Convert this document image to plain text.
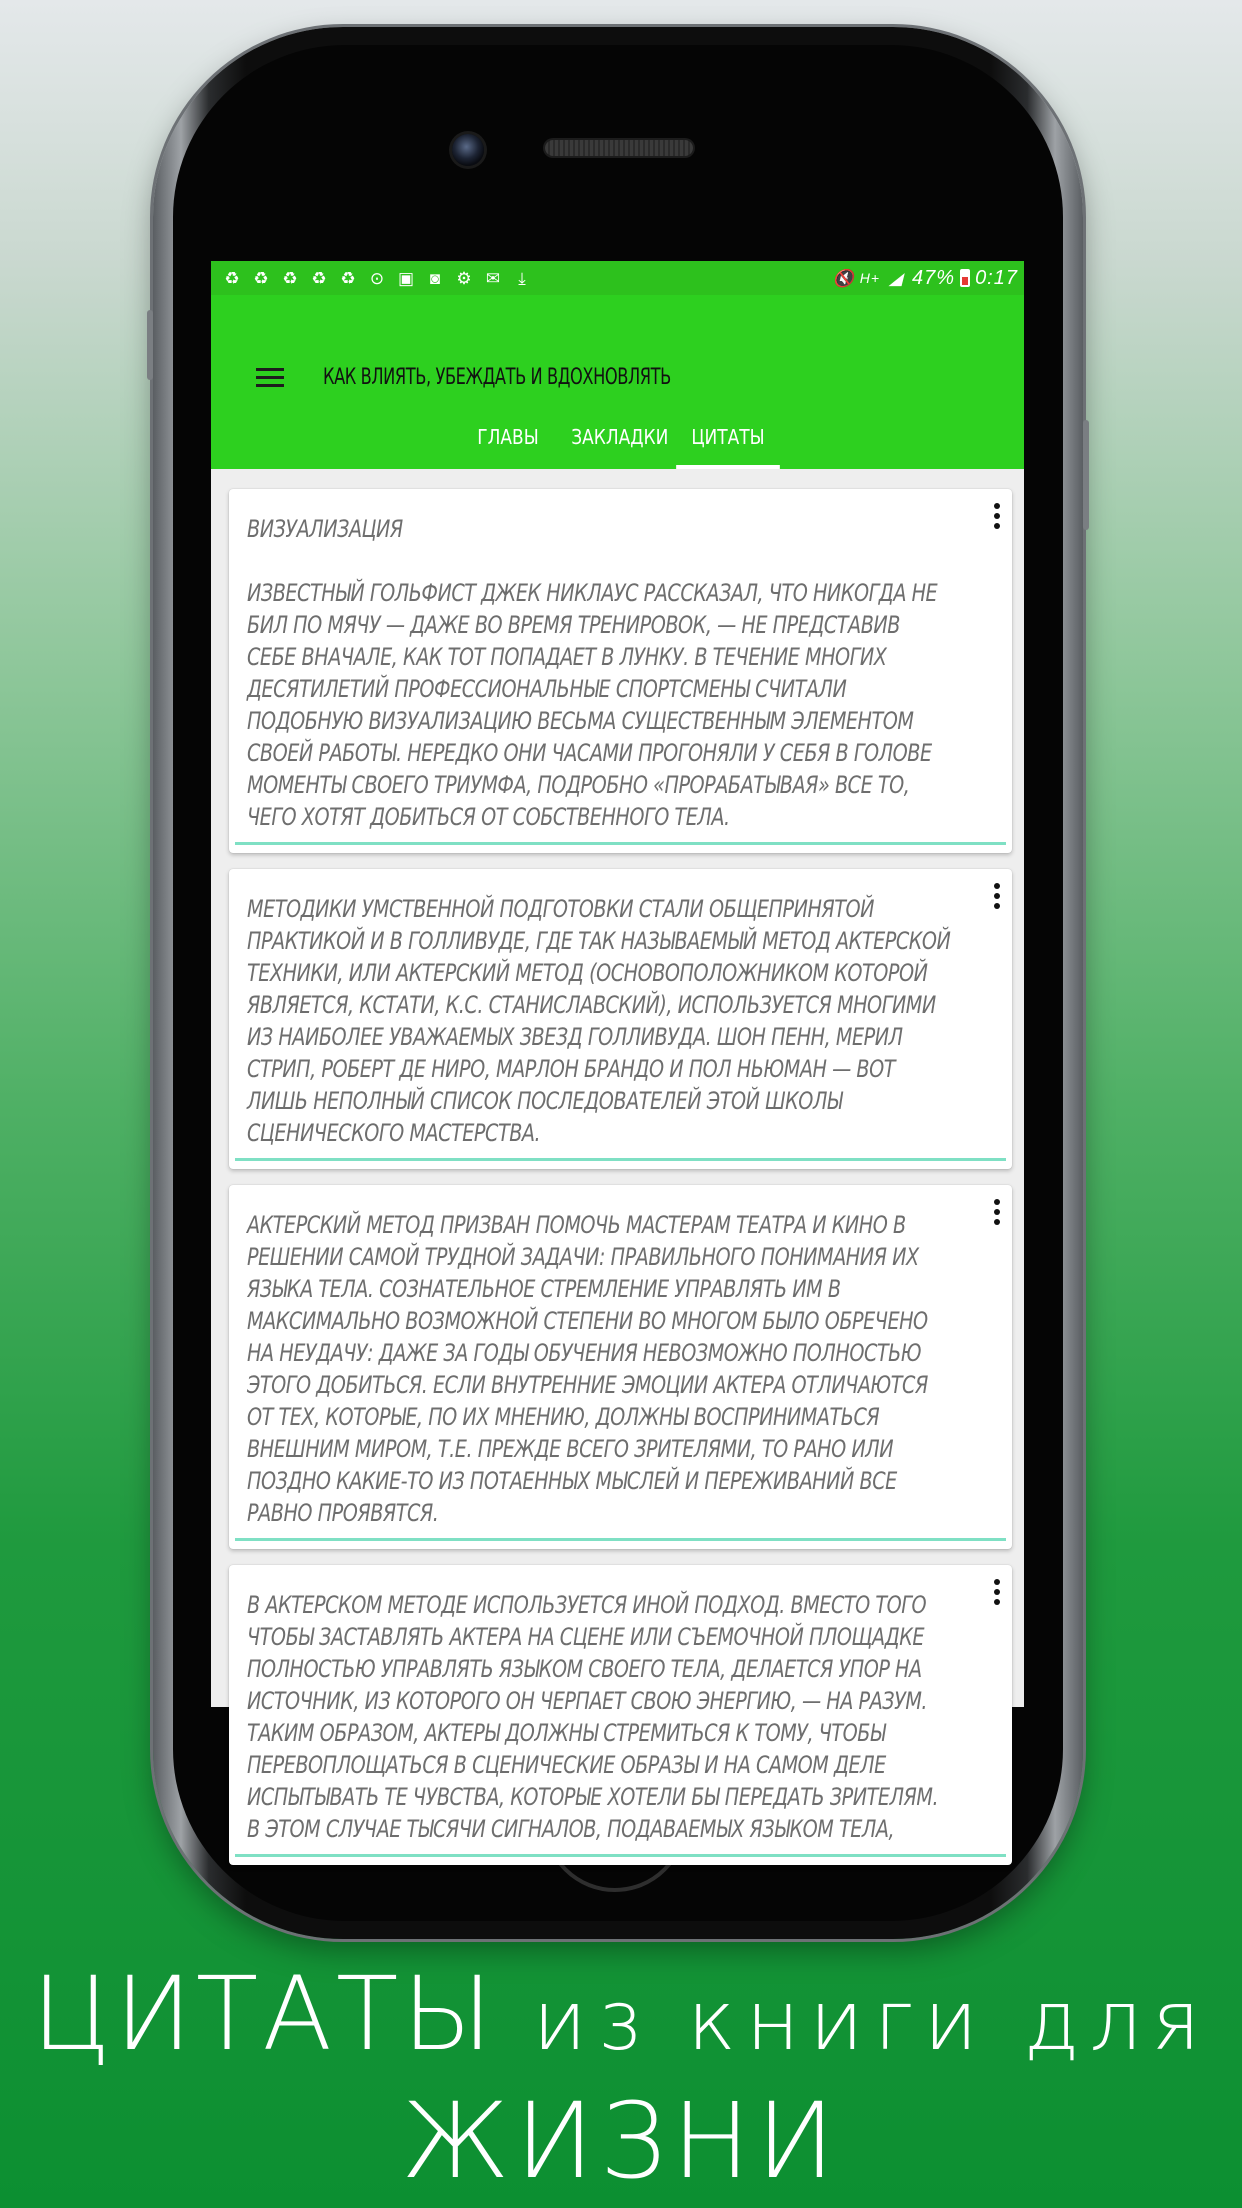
♻ ♻ ♻ ♻ ♻ ⊙ ▣ ◙ ⚙ ✉	⤓	🔇 H+ ◢ 47% 0:17
КАК ВЛИЯТЬ, УБЕЖДАТЬ И ВДОХНОВЛЯТЬ
ГЛАВЫ	ЗАКЛАДКИ	ЦИТАТЫ
ВИЗУАЛИЗАЦИЯ
ИЗВЕСТНЫЙ ГОЛЬФИСТ ДЖЕК НИКЛАУС РАССКАЗАЛ, ЧТО НИКОГДА НЕ БИЛ ПО МЯЧУ — ДАЖЕ ВО ВРЕМЯ ТРЕНИРОВОК, — НЕ ПРЕДСТАВИВ СЕБЕ ВНАЧАЛЕ, КАК ТОТ ПОПАДАЕТ В ЛУНКУ. В ТЕЧЕНИЕ МНОГИХ ДЕСЯТИЛЕТИЙ ПРОФЕССИОНАЛЬНЫЕ СПОРТСМЕНЫ СЧИТАЛИ ПОДОБНУЮ ВИЗУАЛИЗАЦИЮ ВЕСЬМА СУЩЕСТВЕННЫМ ЭЛЕМЕНТОМ СВОЕЙ РАБОТЫ. НЕРЕДКО ОНИ ЧАСАМИ ПРОГОНЯЛИ У СЕБЯ В ГОЛОВЕ МОМЕНТЫ СВОЕГО ТРИУМФА, ПОДРОБНО «ПРОРАБАТЫВАЯ» ВСЕ ТО, ЧЕГО ХОТЯТ ДОБИТЬСЯ ОТ СОБСТВЕННОГО ТЕЛА.
МЕТОДИКИ УМСТВЕННОЙ ПОДГОТОВКИ СТАЛИ ОБЩЕПРИНЯТОЙ ПРАКТИКОЙ И В ГОЛЛИВУДЕ, ГДЕ ТАК НАЗЫВАЕМЫЙ МЕТОД АКТЕРСКОЙ ТЕХНИКИ, ИЛИ АКТЕРСКИЙ МЕТОД (ОСНОВОПОЛОЖНИКОМ КОТОРОЙ ЯВЛЯЕТСЯ, КСТАТИ, К.С. СТАНИСЛАВСКИЙ), ИСПОЛЬЗУЕТСЯ МНОГИМИ ИЗ НАИБОЛЕЕ УВАЖАЕМЫХ ЗВЕЗД ГОЛЛИВУДА. ШОН ПЕНН, МЕРИЛ СТРИП, РОБЕРТ ДЕ НИРО, МАРЛОН БРАНДО И ПОЛ НЬЮМАН — ВОТ ЛИШЬ НЕПОЛНЫЙ СПИСОК ПОСЛЕДОВАТЕЛЕЙ ЭТОЙ ШКОЛЫ СЦЕНИЧЕСКОГО МАСТЕРСТВА.
АКТЕРСКИЙ МЕТОД ПРИЗВАН ПОМОЧЬ МАСТЕРАМ ТЕАТРА И КИНО В РЕШЕНИИ САМОЙ ТРУДНОЙ ЗАДАЧИ: ПРАВИЛЬНОГО ПОНИМАНИЯ ИХ ЯЗЫКА ТЕЛА. СОЗНАТЕЛЬНОЕ СТРЕМЛЕНИЕ УПРАВЛЯТЬ ИМ В МАКСИМАЛЬНО ВОЗМОЖНОЙ СТЕПЕНИ ВО МНОГОМ БЫЛО ОБРЕЧЕНО НА НЕУДАЧУ: ДАЖЕ ЗА ГОДЫ ОБУЧЕНИЯ НЕВОЗМОЖНО ПОЛНОСТЬЮ ЭТОГО ДОБИТЬСЯ. ЕСЛИ ВНУТРЕННИЕ ЭМОЦИИ АКТЕРА ОТЛИЧАЮТСЯ ОТ ТЕХ, КОТОРЫЕ, ПО ИХ МНЕНИЮ, ДОЛЖНЫ ВОСПРИНИМАТЬСЯ ВНЕШНИМ МИРОМ, Т.Е. ПРЕЖДЕ ВСЕГО ЗРИТЕЛЯМИ, ТО РАНО ИЛИ ПОЗДНО КАКИЕ-ТО ИЗ ПОТАЕННЫХ МЫСЛЕЙ И ПЕРЕЖИВАНИЙ ВСЕ РАВНО ПРОЯВЯТСЯ.
В АКТЕРСКОМ МЕТОДЕ ИСПОЛЬЗУЕТСЯ ИНОЙ ПОДХОД. ВМЕСТО ТОГО ЧТОБЫ ЗАСТАВЛЯТЬ АКТЕРА НА СЦЕНЕ ИЛИ СЪЕМОЧНОЙ ПЛОЩАДКЕ ПОЛНОСТЬЮ УПРАВЛЯТЬ ЯЗЫКОМ СВОЕГО ТЕЛА, ДЕЛАЕТСЯ УПОР НА ИСТОЧНИК, ИЗ КОТОРОГО ОН ЧЕРПАЕТ СВОЮ ЭНЕРГИЮ, — НА РАЗУМ. ТАКИМ ОБРАЗОМ, АКТЕРЫ ДОЛЖНЫ СТРЕМИТЬСЯ К ТОМУ, ЧТОБЫ ПЕРЕВОПЛОЩАТЬСЯ В СЦЕНИЧЕСКИЕ ОБРАЗЫ И НА САМОМ ДЕЛЕ ИСПЫТЫВАТЬ ТЕ ЧУВСТВА, КОТОРЫЕ ХОТЕЛИ БЫ ПЕРЕДАТЬ ЗРИТЕЛЯМ. В ЭТОМ СЛУЧАЕ ТЫСЯЧИ СИГНАЛОВ, ПОДАВАЕМЫХ ЯЗЫКОМ ТЕЛА,
ЦИТАТЫ из книги для
ЖИЗНИ
